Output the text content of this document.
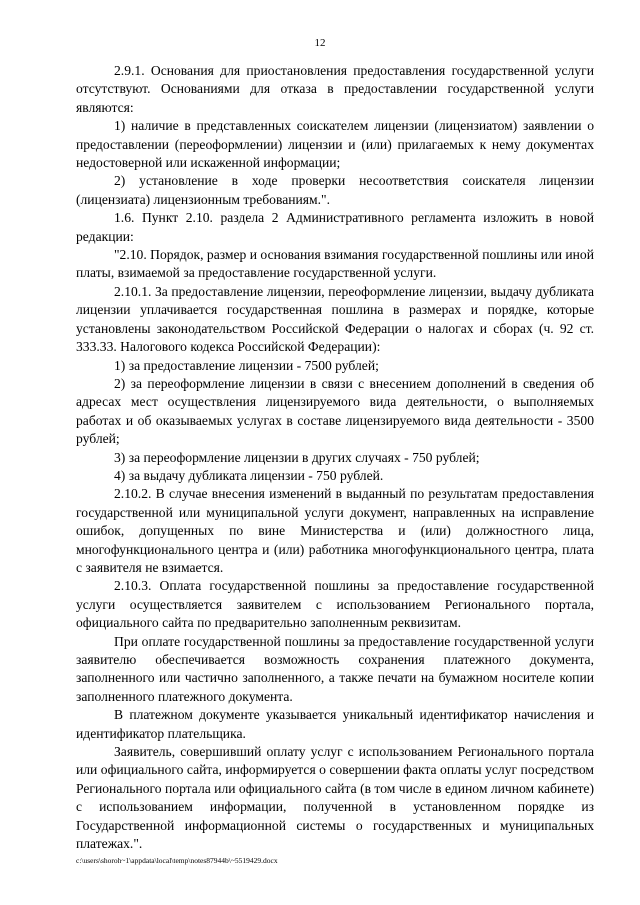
12

2.9.1. Основания для приостановления предоставления государственной услуги отсутствуют. Основаниями для отказа в предоставлении государственной услуги являются:

1) наличие в представленных соискателем лицензии (лицензиатом) заявлении о предоставлении (переоформлении) лицензии и (или) прилагаемых к нему документах недостоверной или искаженной информации;

2) установление в ходе проверки несоответствия соискателя лицензии (лицензиата) лицензионным требованиям.".

1.6. Пункт 2.10. раздела 2 Административного регламента изложить в новой редакции:

"2.10. Порядок, размер и основания взимания государственной пошлины или иной платы, взимаемой за предоставление государственной услуги.

2.10.1. За предоставление лицензии, переоформление лицензии, выдачу дубликата лицензии уплачивается государственная пошлина в размерах и порядке, которые установлены законодательством Российской Федерации о налогах и сборах (ч. 92 ст. 333.33. Налогового кодекса Российской Федерации):

1) за предоставление лицензии - 7500 рублей;

2) за переоформление лицензии в связи с внесением дополнений в сведения об адресах мест осуществления лицензируемого вида деятельности, о выполняемых работах и об оказываемых услугах в составе лицензируемого вида деятельности - 3500 рублей;

3) за переоформление лицензии в других случаях - 750 рублей;

4) за выдачу дубликата лицензии - 750 рублей.

2.10.2. В случае внесения изменений в выданный по результатам предоставления государственной или муниципальной услуги документ, направленных на исправление ошибок, допущенных по вине Министерства и (или) должностного лица, многофункционального центра и (или) работника многофункционального центра, плата с заявителя не взимается.

2.10.3. Оплата государственной пошлины за предоставление государственной услуги осуществляется заявителем с использованием Регионального портала, официального сайта по предварительно заполненным реквизитам.

При оплате государственной пошлины за предоставление государственной услуги заявителю обеспечивается возможность сохранения платежного документа, заполненного или частично заполненного, а также печати на бумажном носителе копии заполненного платежного документа.

В платежном документе указывается уникальный идентификатор начисления и идентификатор плательщика.

Заявитель, совершивший оплату услуг с использованием Регионального портала или официального сайта, информируется о совершении факта оплаты услуг посредством Регионального портала или официального сайта (в том числе в едином личном кабинете) с использованием информации, полученной в установленном порядке из Государственной информационной системы о государственных и муниципальных платежах.".

c:\users\shoroh~1\appdata\local\temp\notes87944b\~5519429.docx
